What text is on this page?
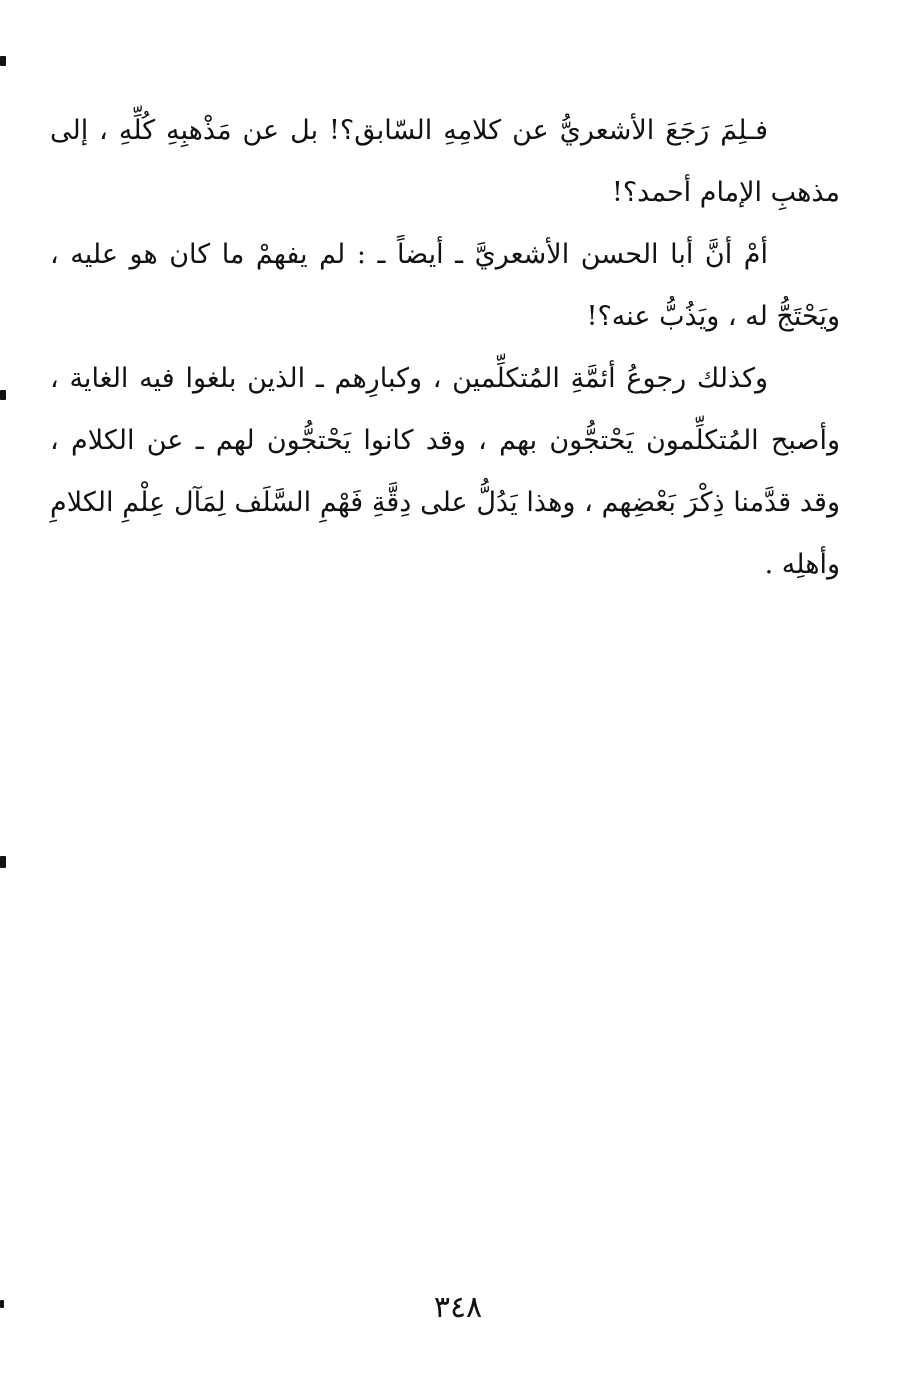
فـلِمَ رَجَعَ الأشعريُّ عن كلامِهِ السّابق؟! بل عن مَذْهبِهِ كُلِّهِ ، إلى مذهبِ الإمام أحمد؟!

أمْ أنَّ أبا الحسن الأشعريَّ ـ أيضاً ـ : لم يفهمْ ما كان هو عليه ، ويَحْتَجُّ له ، ويَذُبُّ عنه؟!

وكذلك رجوعُ أئمَّةِ المُتكلِّمين ، وكبارِهم ـ الذين بلغوا فيه الغاية ، وأصبح المُتكلِّمون يَحْتجُّون بهم ، وقد كانوا يَحْتجُّون لهم ـ عن الكلام ، وقد قدَّمنا ذِكْرَ بَعْضِهم ، وهذا يَدُلُّ على دِقَّةِ فَهْمِ السَّلَف لِمَآل عِلْمِ الكلامِ وأهلِه .

٣٤٨
